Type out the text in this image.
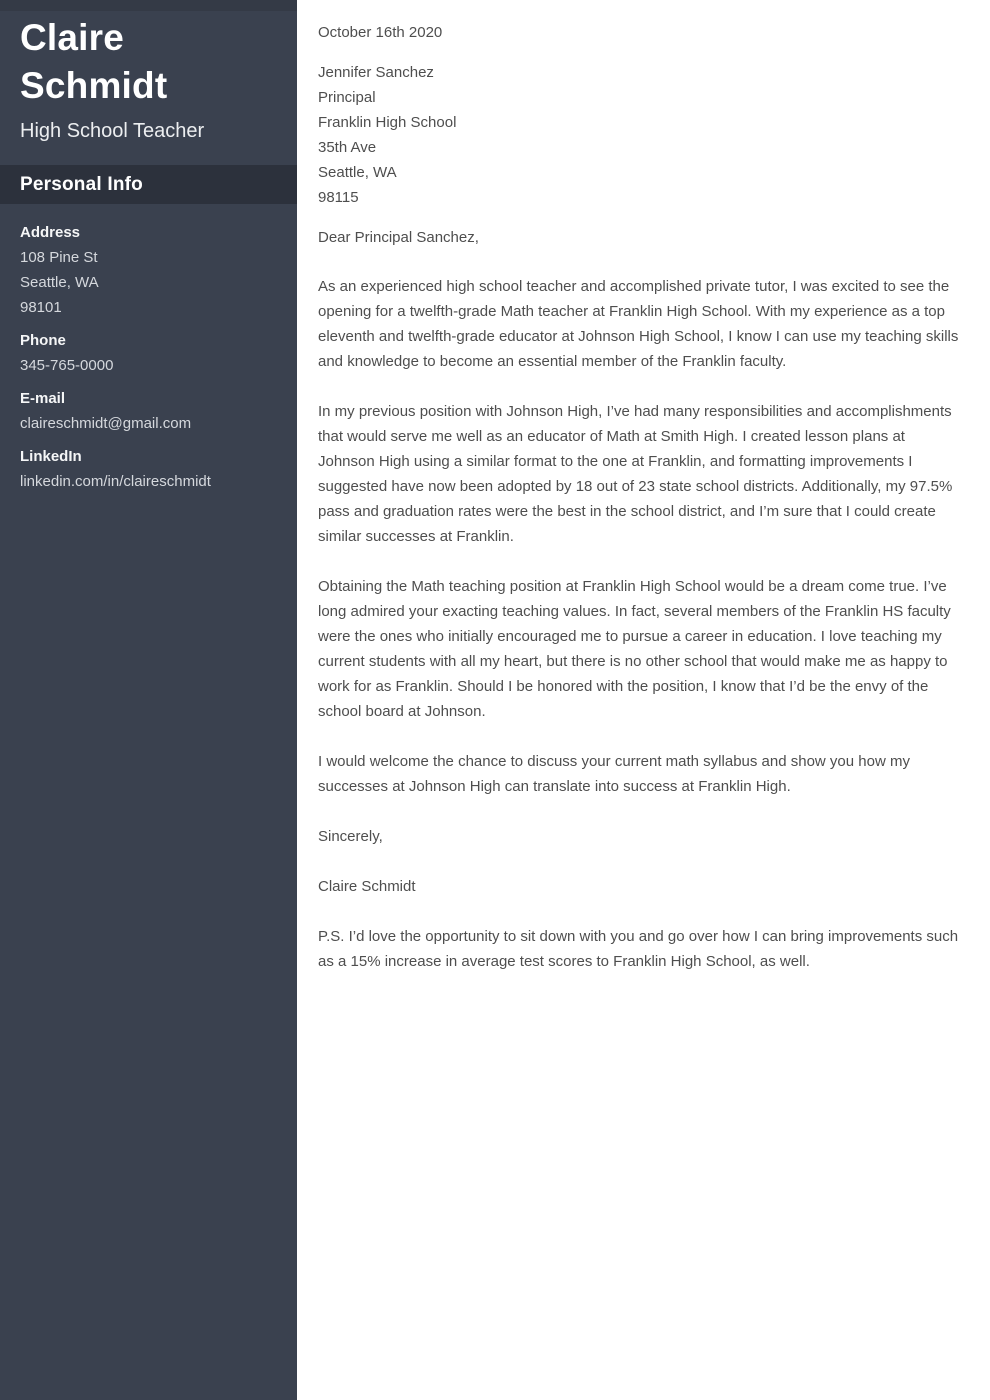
Claire Schmidt
High School Teacher
Personal Info
Address
108 Pine St
Seattle, WA
98101
Phone
345-765-0000
E-mail
claireschmidt@gmail.com
LinkedIn
linkedin.com/in/claireschmidt
October 16th 2020
Jennifer Sanchez
Principal
Franklin High School
35th Ave
Seattle, WA
98115
Dear Principal Sanchez,

As an experienced high school teacher and accomplished private tutor, I was excited to see the opening for a twelfth-grade Math teacher at Franklin High School. With my experience as a top eleventh and twelfth-grade educator at Johnson High School, I know I can use my teaching skills and knowledge to become an essential member of the Franklin faculty.

In my previous position with Johnson High, I’ve had many responsibilities and accomplishments that would serve me well as an educator of Math at Smith High. I created lesson plans at Johnson High using a similar format to the one at Franklin, and formatting improvements I suggested have now been adopted by 18 out of 23 state school districts. Additionally, my 97.5% pass and graduation rates were the best in the school district, and I’m sure that I could create similar successes at Franklin.

Obtaining the Math teaching position at Franklin High School would be a dream come true. I’ve long admired your exacting teaching values. In fact, several members of the Franklin HS faculty were the ones who initially encouraged me to pursue a career in education. I love teaching my current students with all my heart, but there is no other school that would make me as happy to work for as Franklin. Should I be honored with the position, I know that I’d be the envy of the school board at Johnson.

I would welcome the chance to discuss your current math syllabus and show you how my successes at Johnson High can translate into success at Franklin High.

Sincerely,
Claire Schmidt

P.S. I’d love the opportunity to sit down with you and go over how I can bring improvements such as a 15% increase in average test scores to Franklin High School, as well.
